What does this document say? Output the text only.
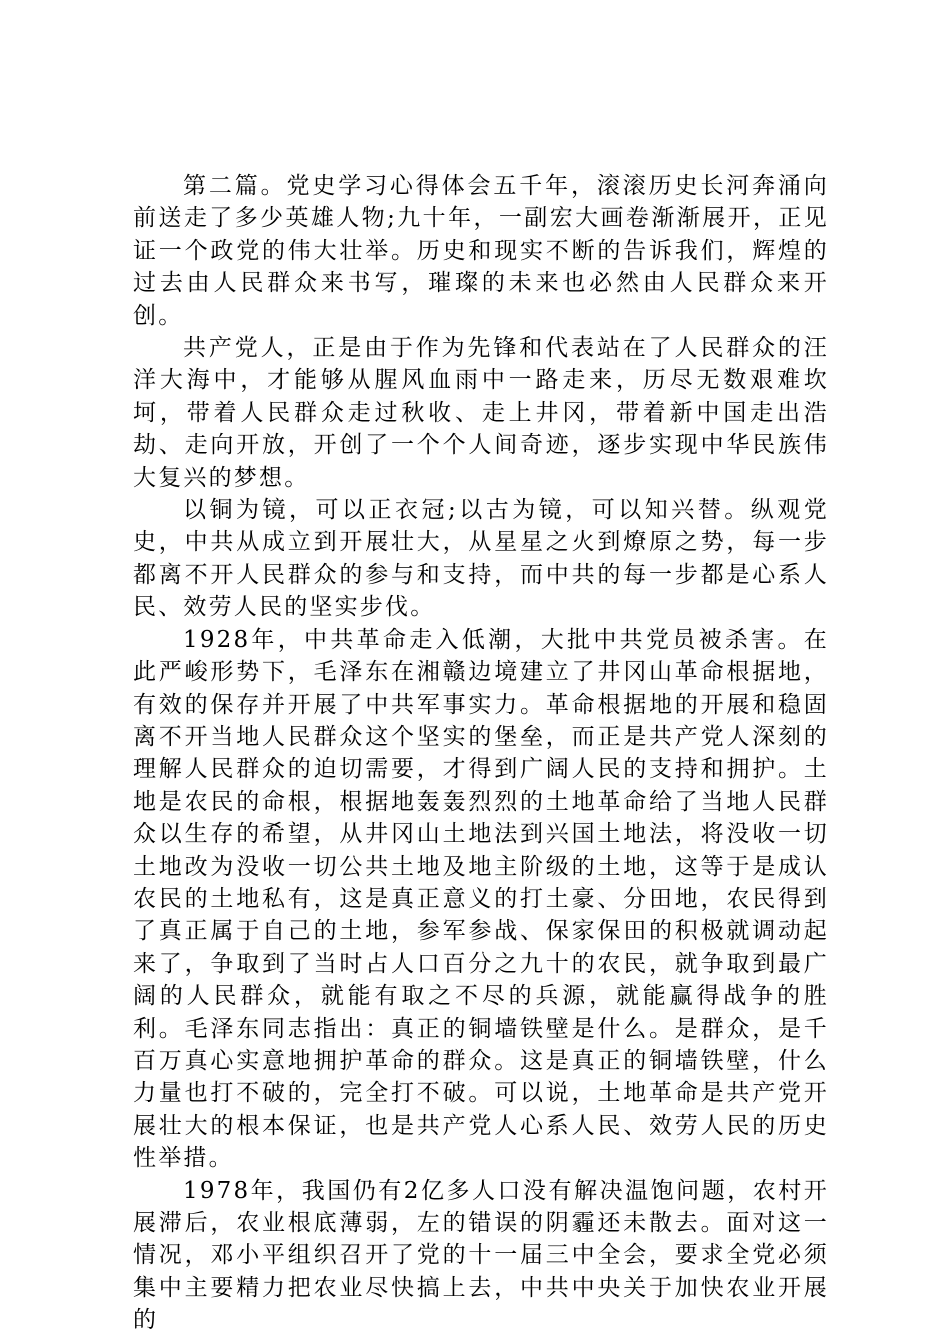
第二篇。党史学习心得体会五千年，滚滚历史长河奔涌向前送走了多少英雄人物;九十年，一副宏大画卷渐渐展开，正见证一个政党的伟大壮举。历史和现实不断的告诉我们，辉煌的过去由人民群众来书写，璀璨的未来也必然由人民群众来开创。

共产党人，正是由于作为先锋和代表站在了人民群众的汪洋大海中，才能够从腥风血雨中一路走来，历尽无数艰难坎坷，带着人民群众走过秋收、走上井冈，带着新中国走出浩劫、走向开放，开创了一个个人间奇迹，逐步实现中华民族伟大复兴的梦想。

以铜为镜，可以正衣冠;以古为镜，可以知兴替。纵观党史，中共从成立到开展壮大，从星星之火到燎原之势，每一步都离不开人民群众的参与和支持，而中共的每一步都是心系人民、效劳人民的坚实步伐。

1928年，中共革命走入低潮，大批中共党员被杀害。在此严峻形势下，毛泽东在湘赣边境建立了井冈山革命根据地，有效的保存并开展了中共军事实力。革命根据地的开展和稳固离不开当地人民群众这个坚实的堡垒，而正是共产党人深刻的理解人民群众的迫切需要，才得到广阔人民的支持和拥护。土地是农民的命根，根据地轰轰烈烈的土地革命给了当地人民群众以生存的希望，从井冈山土地法到兴国土地法，将没收一切土地改为没收一切公共土地及地主阶级的土地，这等于是成认农民的土地私有，这是真正意义的打土豪、分田地，农民得到了真正属于自己的土地，参军参战、保家保田的积极就调动起来了，争取到了当时占人口百分之九十的农民，就争取到最广阔的人民群众，就能有取之不尽的兵源，就能赢得战争的胜利。毛泽东同志指出：真正的铜墙铁壁是什么。是群众，是千百万真心实意地拥护革命的群众。这是真正的铜墙铁壁，什么力量也打不破的，完全打不破。可以说，土地革命是共产党开展壮大的根本保证，也是共产党人心系人民、效劳人民的历史性举措。

1978年，我国仍有2亿多人口没有解决温饱问题，农村开展滞后，农业根底薄弱，左的错误的阴霾还未散去。面对这一情况，邓小平组织召开了党的十一届三中全会，要求全党必须集中主要精力把农业尽快搞上去，中共中央关于加快农业开展的
